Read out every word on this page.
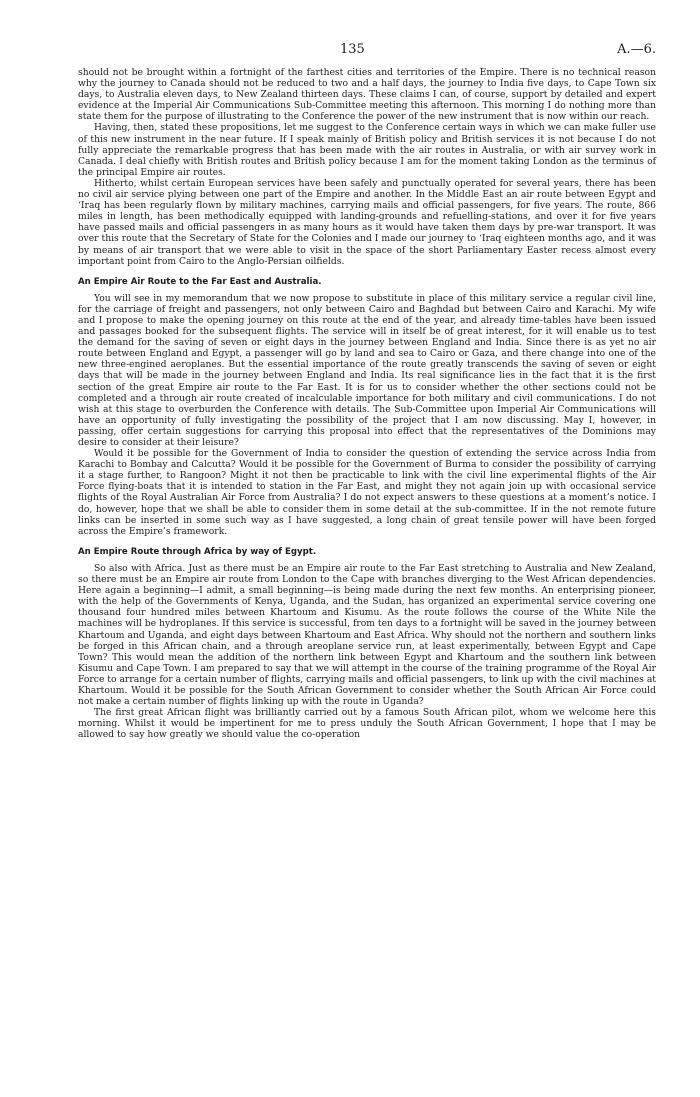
135	A.—6.

should not be brought within a fortnight of the farthest cities and territories of the Empire. There is no technical reason why the journey to Canada should not be reduced to two and a half days, the journey to India five days, to Cape Town six days, to Australia eleven days, to New Zealand thirteen days. These claims I can, of course, support by detailed and expert evidence at the Imperial Air Communications Sub-Committee meeting this afternoon. This morning I do nothing more than state them for the purpose of illustrating to the Conference the power of the new instrument that is now within our reach.

Having, then, stated these propositions, let me suggest to the Conference certain ways in which we can make fuller use of this new instrument in the near future. If I speak mainly of British policy and British services it is not because I do not fully appreciate the remarkable progress that has been made with the air routes in Australia, or with air survey work in Canada. I deal chiefly with British routes and British policy because I am for the moment taking London as the terminus of the principal Empire air routes.

Hitherto, whilst certain European services have been safely and punctually operated for several years, there has been no civil air service plying between one part of the Empire and another. In the Middle East an air route between Egypt and ‘Iraq has been regularly flown by military machines, carrying mails and official passengers, for five years. The route, 866 miles in length, has been methodically equipped with landing-grounds and refuelling-stations, and over it for five years have passed mails and official passengers in as many hours as it would have taken them days by pre-war transport. It was over this route that the Secretary of State for the Colonies and I made our journey to ‘Iraq eighteen months ago, and it was by means of air transport that we were able to visit in the space of the short Parliamentary Easter recess almost every important point from Cairo to the Anglo-Persian oilfields.

An Empire Air Route to the Far East and Australia.

You will see in my memorandum that we now propose to substitute in place of this military service a regular civil line, for the carriage of freight and passengers, not only between Cairo and Baghdad but between Cairo and Karachi. My wife and I propose to make the opening journey on this route at the end of the year, and already time-tables have been issued and passages booked for the subsequent flights. The service will in itself be of great interest, for it will enable us to test the demand for the saving of seven or eight days in the journey between England and India. Since there is as yet no air route between England and Egypt, a passenger will go by land and sea to Cairo or Gaza, and there change into one of the new three-engined aeroplanes. But the essential importance of the route greatly transcends the saving of seven or eight days that will be made in the journey between England and India. Its real significance lies in the fact that it is the first section of the great Empire air route to the Far East. It is for us to consider whether the other sections could not be completed and a through air route created of incalculable importance for both military and civil communications. I do not wish at this stage to overburden the Conference with details. The Sub-Committee upon Imperial Air Communications will have an opportunity of fully investigating the possibility of the project that I am now discussing. May I, however, in passing, offer certain suggestions for carrying this proposal into effect that the representatives of the Dominions may desire to consider at their leisure?

Would it be possible for the Government of India to consider the question of extending the service across India from Karachi to Bombay and Calcutta? Would it be possible for the Government of Burma to consider the possibility of carrying it a stage further, to Rangoon? Might it not then be practicable to link with the civil line experimental flights of the Air Force flying-boats that it is intended to station in the Far East, and might they not again join up with occasional service flights of the Royal Australian Air Force from Australia? I do not expect answers to these questions at a moment’s notice. I do, however, hope that we shall be able to consider them in some detail at the sub-committee. If in the not remote future links can be inserted in some such way as I have suggested, a long chain of great tensile power will have been forged across the Empire’s framework.

An Empire Route through Africa by way of Egypt.

So also with Africa. Just as there must be an Empire air route to the Far East stretching to Australia and New Zealand, so there must be an Empire air route from London to the Cape with branches diverging to the West African dependencies. Here again a beginning—I admit, a small beginning—is being made during the next few months. An enterprising pioneer, with the help of the Governments of Kenya, Uganda, and the Sudan, has organized an experimental service covering one thousand four hundred miles between Khartoum and Kisumu. As the route follows the course of the White Nile the machines will be hydroplanes. If this service is successful, from ten days to a fortnight will be saved in the journey between Khartoum and Uganda, and eight days between Khartoum and East Africa. Why should not the northern and southern links be forged in this African chain, and a through areoplane service run, at least experimentally, between Egypt and Cape Town? This would mean the addition of the northern link between Egypt and Khartoum and the southern link between Kisumu and Cape Town. I am prepared to say that we will attempt in the course of the training programme of the Royal Air Force to arrange for a certain number of flights, carrying mails and official passengers, to link up with the civil machines at Khartoum. Would it be possible for the South African Government to consider whether the South African Air Force could not make a certain number of flights linking up with the route in Uganda?

The first great African flight was brilliantly carried out by a famous South African pilot, whom we welcome here this morning. Whilst it would be impertinent for me to press unduly the South African Government, I hope that I may be allowed to say how greatly we should value the co-operation
